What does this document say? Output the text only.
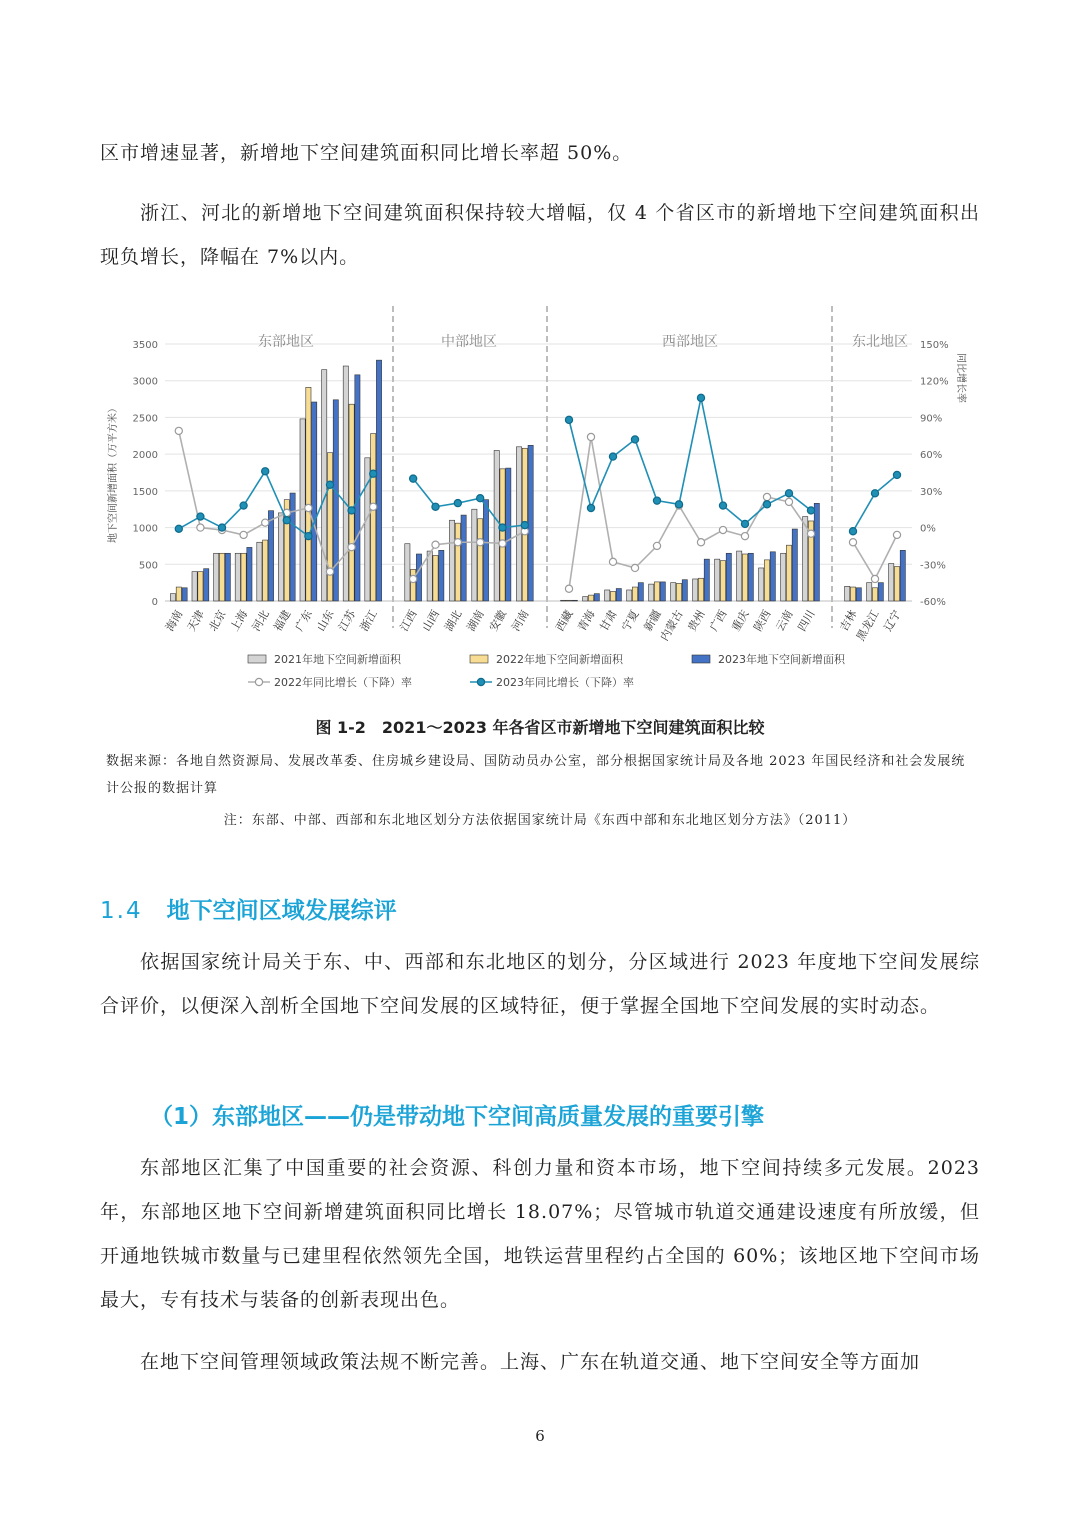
区市增速显著，新增地下空间建筑面积同比增长率超 50%。

浙江、河北的新增地下空间建筑面积保持较大增幅，仅 4 个省区市的新增地下空间建筑面积出现负增长，降幅在 7%以内。

0
500
1000
1500
2000
2500
3000
3500
-60%
-30%
0%
30%
60%
90%
120%
150%
地下空间新增面积（万平方米）
同比增长率
东部地区	中部地区	西部地区	东北地区
海南 天津 北京 上海 河北 福建 广东 山东 江苏 浙江 江西 山西 湖北 湖南 安徽 河南 西藏 青海 甘肃 宁夏 新疆
内蒙古 贵州 广西 重庆 陕西 云南 四川 吉林
黑龙江 辽宁
2021年地下空间新增面积	2022年地下空间新增面积	2023年地下空间新增面积
2022年同比增长（下降）率	2023年同比增长（下降）率
图 1-2　2021～2023 年各省区市新增地下空间建筑面积比较

数据来源：各地自然资源局、发展改革委、住房城乡建设局、国防动员办公室，部分根据国家统计局及各地 2023 年国民经济和社会发展统计公报的数据计算

注：东部、中部、西部和东北地区划分方法依据国家统计局《东西中部和东北地区划分方法》（2011）
1.4 地下空间区域发展综评

依据国家统计局关于东、中、西部和东北地区的划分，分区域进行 2023 年度地下空间发展综合评价，以便深入剖析全国地下空间发展的区域特征，便于掌握全国地下空间发展的实时动态。

（1）东部地区——仍是带动地下空间高质量发展的重要引擎

东部地区汇集了中国重要的社会资源、科创力量和资本市场，地下空间持续多元发展。2023 年，东部地区地下空间新增建筑面积同比增长 18.07%；尽管城市轨道交通建设速度有所放缓，但开通地铁城市数量与已建里程依然领先全国，地铁运营里程约占全国的 60%；该地区地下空间市场最大，专有技术与装备的创新表现出色。

在地下空间管理领域政策法规不断完善。上海、广东在轨道交通、地下空间安全等方面加

6
